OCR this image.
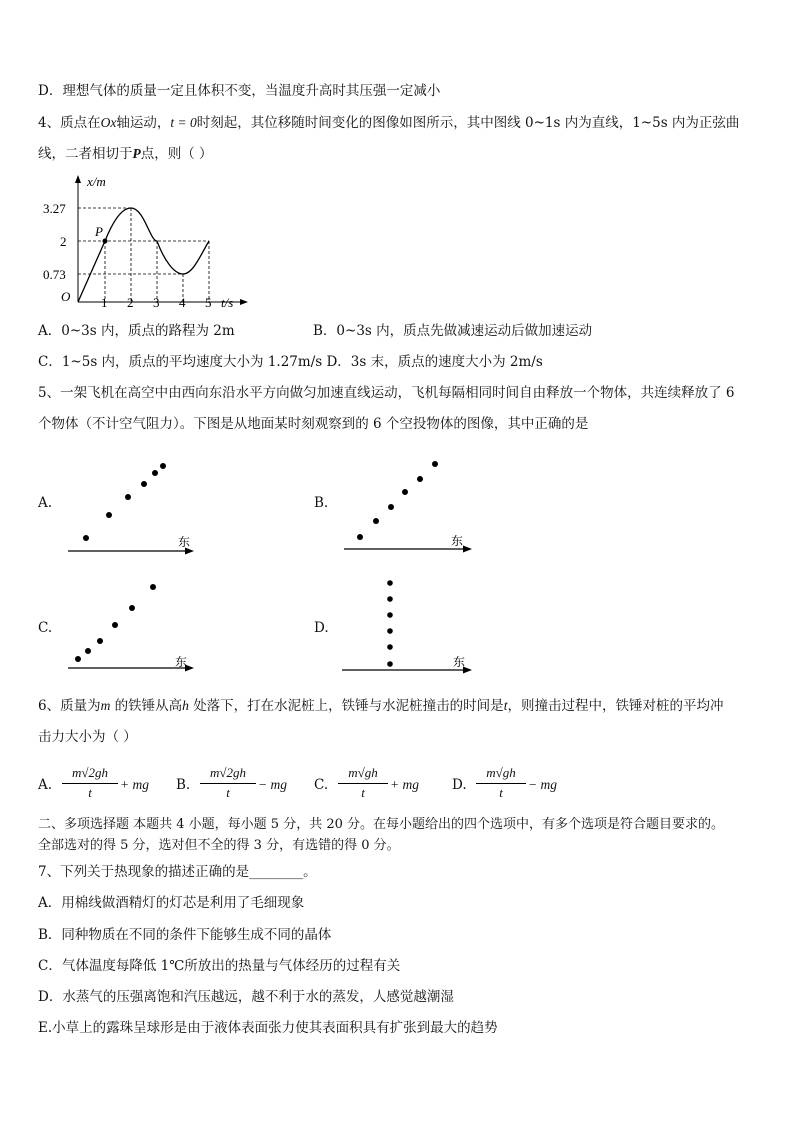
D．理想气体的质量一定且体积不变，当温度升高时其压强一定减小
4、质点在Ox轴运动，t = 0时刻起，其位移随时间变化的图像如图所示，其中图线 0~1s 内为直线，1~5s 内为正弦曲
线，二者相切于P点，则（ ）
x/m
O
P
3.27
2
0.73
1 2 3 4 5 t/s
A．0~3s 内，质点的路程为 2m	B．0~3s 内，质点先做减速运动后做加速运动
C．1~5s 内，质点的平均速度大小为 1.27m/s D．3s 末，质点的速度大小为 2m/s
5、一架飞机在高空中由西向东沿水平方向做匀加速直线运动，飞机每隔相同时间自由释放一个物体，共连续释放了 6
个物体（不计空气阻力）。下图是从地面某时刻观察到的 6 个空投物体的图像，其中正确的是
A.
东
B.
东
C.
东
D.
东
6、质量为m 的铁锤从高h 处落下，打在水泥桩上，铁锤与水泥桩撞击的时间是t，则撞击过程中，铁锤对桩的平均冲
击力大小为（ ）
A. $\frac{m√2gh}{t}$ + mg B. $\frac{m√2gh}{t}$ − mg C. $\frac{m√gh}{t}$ + mg D. $\frac{m√gh}{t}$ − mg
二、多项选择题 本题共 4 小题，每小题 5 分，共 20 分。在每小题给出的四个选项中，有多个选项是符合题目要求的。
全部选对的得 5 分，选对但不全的得 3 分，有选错的得 0 分。
7、下列关于热现象的描述正确的是________。
A．用棉线做酒精灯的灯芯是利用了毛细现象
B．同种物质在不同的条件下能够生成不同的晶体
C．气体温度每降低 1℃所放出的热量与气体经历的过程有关
D．水蒸气的压强离饱和汽压越远，越不利于水的蒸发，人感觉越潮湿
E.小草上的露珠呈球形是由于液体表面张力使其表面积具有扩张到最大的趋势
